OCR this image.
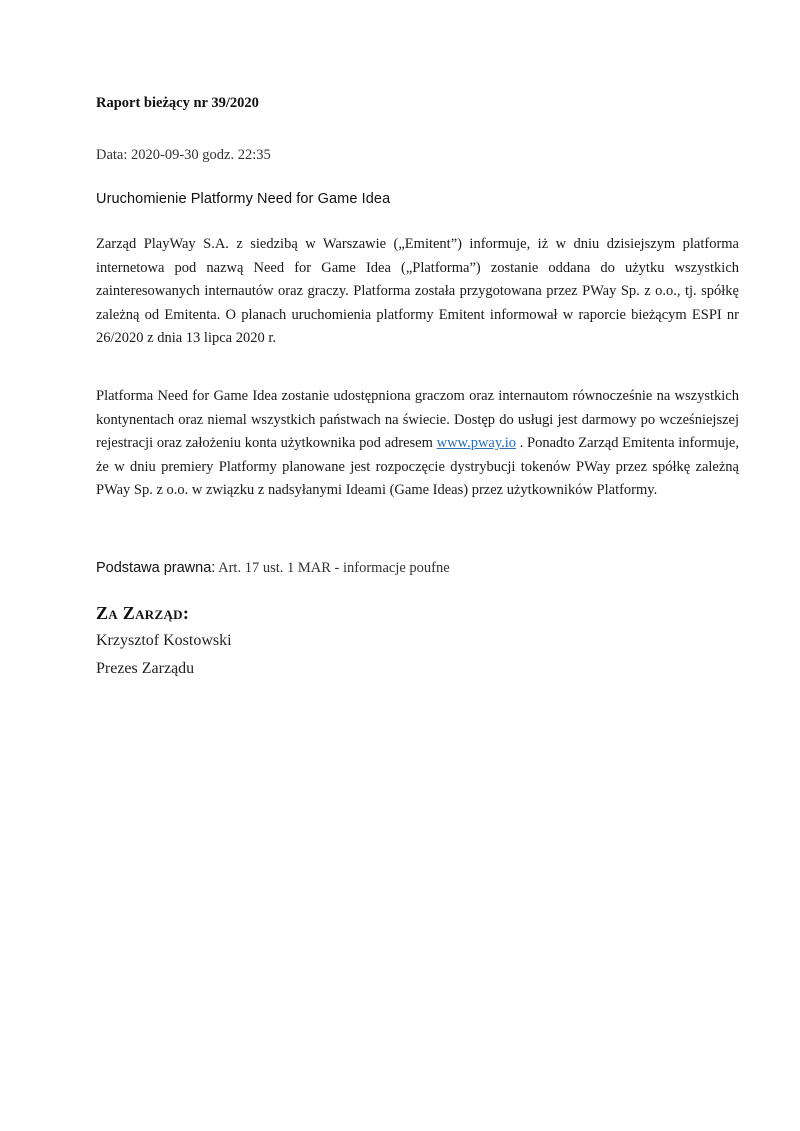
Raport bieżący nr 39/2020
Data: 2020-09-30 godz. 22:35
Uruchomienie Platformy Need for Game Idea

Zarząd PlayWay S.A. z siedzibą w Warszawie („Emitent”) informuje, iż w dniu dzisiejszym platforma internetowa pod nazwą Need for Game Idea („Platforma”) zostanie oddana do użytku wszystkich zainteresowanych internautów oraz graczy. Platforma została przygotowana przez PWay Sp. z o.o., tj. spółkę zależną od Emitenta. O planach uruchomienia platformy Emitent informował w raporcie bieżącym ESPI nr 26/2020 z dnia 13 lipca 2020 r.

Platforma Need for Game Idea zostanie udostępniona graczom oraz internautom równocześnie na wszystkich kontynentach oraz niemal wszystkich państwach na świecie. Dostęp do usługi jest darmowy po wcześniejszej rejestracji oraz założeniu konta użytkownika pod adresem www.pway.io . Ponadto Zarząd Emitenta informuje, że w dniu premiery Platformy planowane jest rozpoczęcie dystrybucji tokenów PWay przez spółkę zależną PWay Sp. z o.o. w związku z nadsyłanymi Ideami (Game Ideas) przez użytkowników Platformy.

Podstawa prawna: Art. 17 ust. 1 MAR - informacje poufne
Za Zarząd:
Krzysztof Kostowski
Prezes Zarządu
